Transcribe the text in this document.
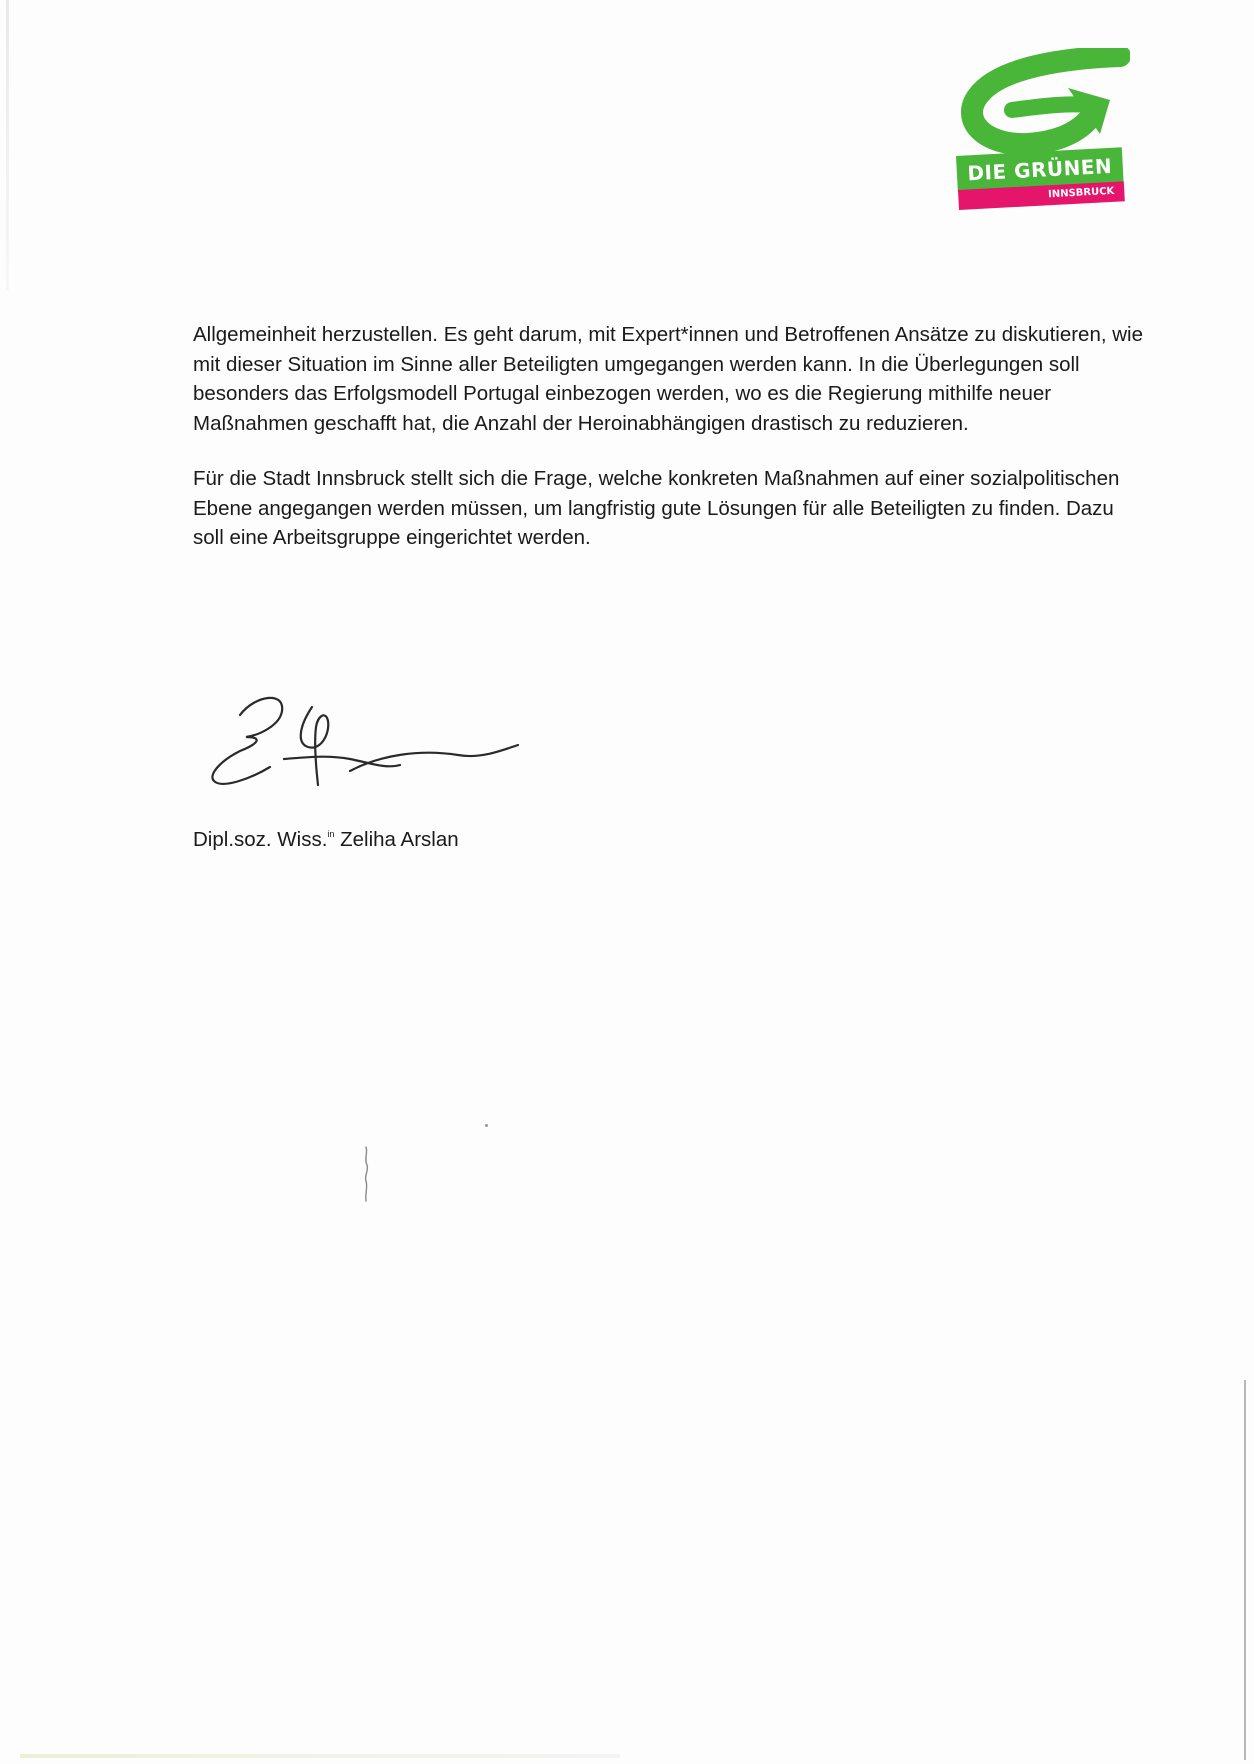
DIE GRÜNEN
INNSBRUCK

Allgemeinheit herzustellen. Es geht darum, mit Expert*innen und Betroffenen Ansätze zu diskutieren, wie mit dieser Situation im Sinne aller Beteiligten umgegangen werden kann. In die Überlegungen soll besonders das Erfolgsmodell Portugal einbezogen werden, wo es die Regierung mithilfe neuer Maßnahmen geschafft hat, die Anzahl der Heroinabhängigen drastisch zu reduzieren.

Für die Stadt Innsbruck stellt sich die Frage, welche konkreten Maßnahmen auf einer sozialpolitischen Ebene angegangen werden müssen, um langfristig gute Lösungen für alle Beteiligten zu finden. Dazu soll eine Arbeitsgruppe eingerichtet werden.

Dipl.soz. Wiss.$^{in}$ Zeliha Arslan
